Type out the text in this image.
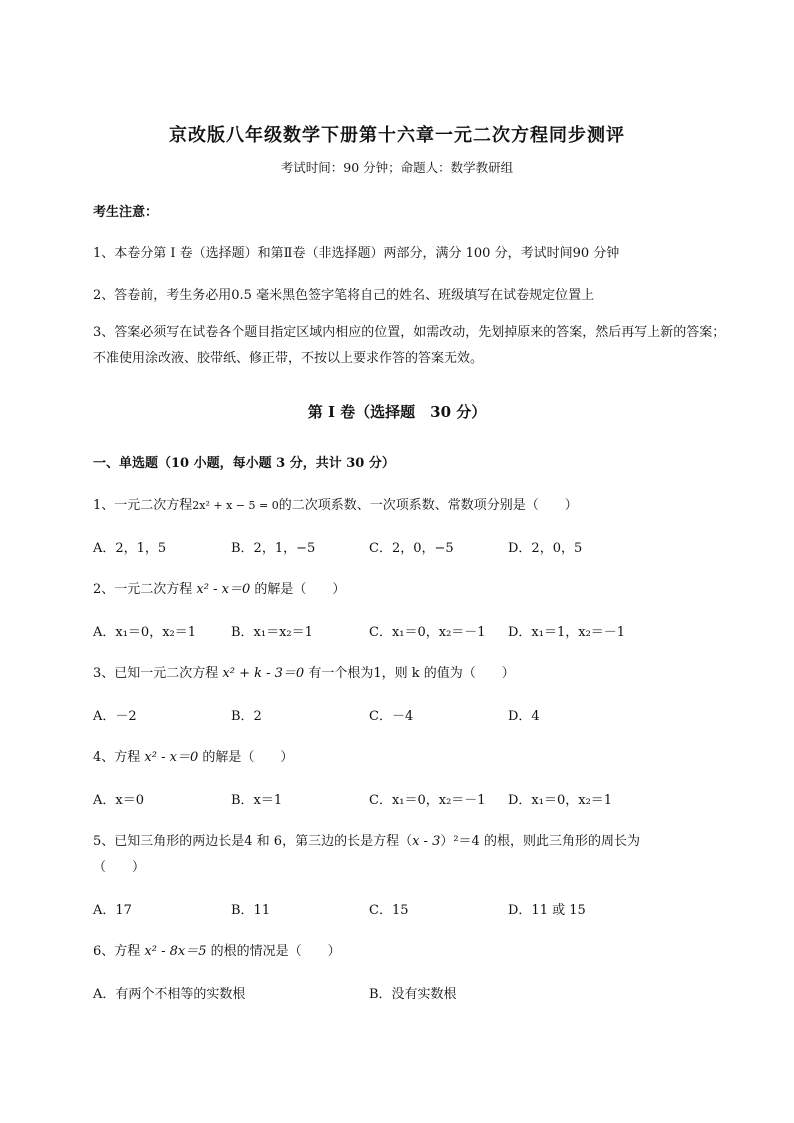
京改版八年级数学下册第十六章一元二次方程同步测评
考试时间：90 分钟；命题人：数学教研组
考生注意：
1、本卷分第 I 卷（选择题）和第Ⅱ卷（非选择题）两部分，满分 100 分，考试时间90 分钟
2、答卷前，考生务必用0.5 毫米黑色签字笔将自己的姓名、班级填写在试卷规定位置上
3、答案必须写在试卷各个题目指定区域内相应的位置，如需改动，先划掉原来的答案，然后再写上新的答案；不准使用涂改液、胶带纸、修正带，不按以上要求作答的答案无效。
第 I 卷（选择题　30 分）
一、单选题（10 小题，每小题 3 分，共计 30 分）
1、一元二次方程2x² + x − 5 = 0的二次项系数、一次项系数、常数项分别是（　　）
A．2，1，5	B．2，1，−5	C．2，0，−5	D．2，0，5
2、一元二次方程 x² - x＝0 的解是（　　）
A．x₁＝0，x₂＝1	B．x₁＝x₂＝1	C．x₁＝0，x₂＝－1 D．x₁＝1，x₂＝－1
3、已知一元二次方程 x² + k - 3＝0 有一个根为1，则 k 的值为（　　）
A．－2	B．2	C．－4	D．4
4、方程 x² - x＝0 的解是（　　）
A．x＝0	B．x＝1	C．x₁＝0，x₂＝－1 D．x₁＝0，x₂＝1
5、已知三角形的两边长是4 和 6，第三边的长是方程（x - 3）²＝4 的根，则此三角形的周长为
（　　）
A．17	B．11	C．15	D．11 或 15
6、方程 x² - 8x＝5 的根的情况是（　　）
A．有两个不相等的实数根	B．没有实数根
